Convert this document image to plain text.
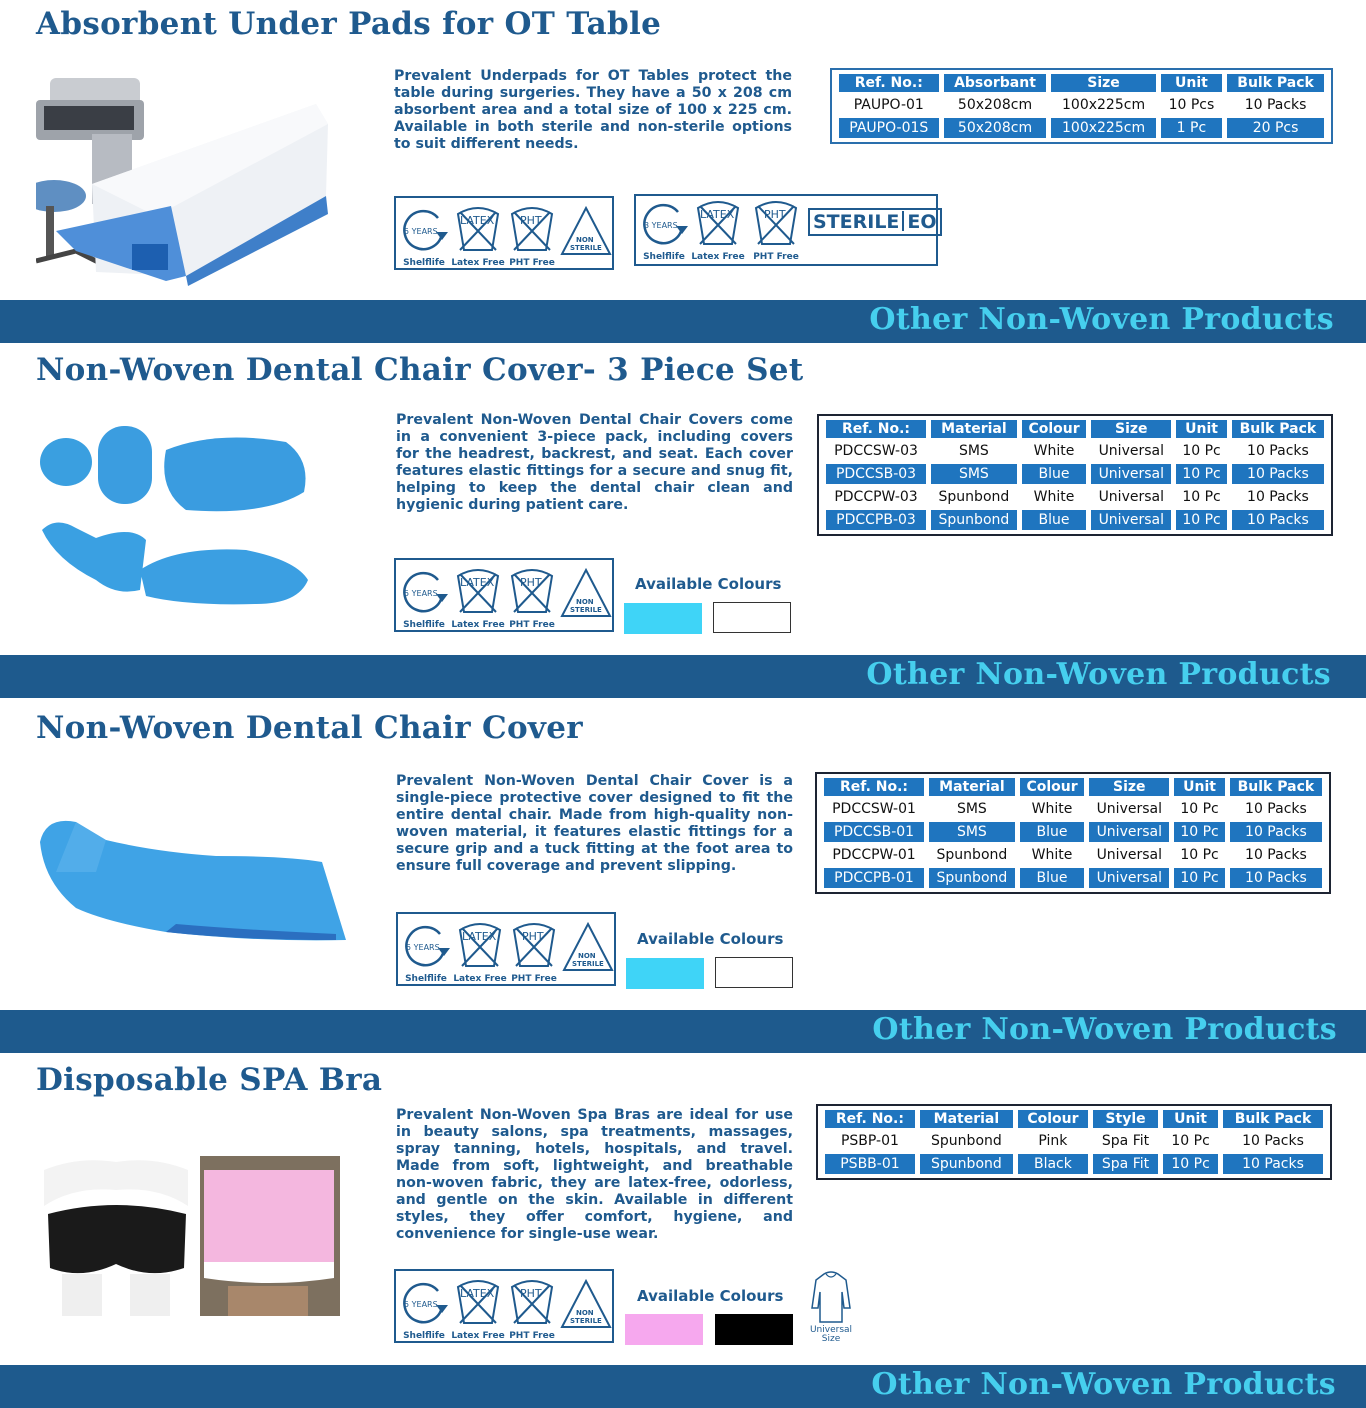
Absorbent Under Pads for OT Table
Prevalent Underpads for OT Tables protect the table during surgeries. They have a 50 x 208 cm absorbent area and a total size of 100 x 225 cm. Available in both sterile and non-sterile options to suit different needs.
Ref. No.:	Absorbant	Size	Unit	Bulk Pack
PAUPO-01	50x208cm	100x225cm	10 Pcs	10 Packs
PAUPO-01S	50x208cm	100x225cm	1 Pc	20 Pcs
5 YEARS
Shelflife
LATEX
Latex Free
PHT
PHT Free
NON
STERILE
3 YEARS
Shelflife
LATEX
Latex Free
PHT
PHT Free
STERILE EO
Other Non-Woven Products
Non-Woven Dental Chair Cover- 3 Piece Set
Prevalent Non-Woven Dental Chair Covers come in a convenient 3-piece pack, including covers for the headrest, backrest, and seat. Each cover features elastic fittings for a secure and snug fit, helping to keep the dental chair clean and hygienic during patient care.
Ref. No.:	Material	Colour	Size	Unit	Bulk Pack
PDCCSW-03	SMS	White	Universal	10 Pc	10 Packs
PDCCSB-03	SMS	Blue	Universal	10 Pc	10 Packs
PDCCPW-03	Spunbond	White	Universal	10 Pc	10 Packs
PDCCPB-03	Spunbond	Blue	Universal	10 Pc	10 Packs
5 YEARS
Shelflife
LATEX
Latex Free
PHT
PHT Free
NON
STERILE
Available Colours
Other Non-Woven Products
Non-Woven Dental Chair Cover
Prevalent Non-Woven Dental Chair Cover is a single-piece protective cover designed to fit the entire dental chair. Made from high-quality non-woven material, it features elastic fittings for a secure grip and a tuck fitting at the foot area to ensure full coverage and prevent slipping.
Ref. No.:	Material	Colour	Size	Unit	Bulk Pack
PDCCSW-01	SMS	White	Universal	10 Pc	10 Packs
PDCCSB-01	SMS	Blue	Universal	10 Pc	10 Packs
PDCCPW-01	Spunbond	White	Universal	10 Pc	10 Packs
PDCCPB-01	Spunbond	Blue	Universal	10 Pc	10 Packs
5 YEARS
Shelflife
LATEX
Latex Free
PHT
PHT Free
NON
STERILE
Available Colours
Other Non-Woven Products
Disposable SPA Bra
Prevalent Non-Woven Spa Bras are ideal for use in beauty salons, spa treatments, massages, spray tanning, hotels, hospitals, and travel. Made from soft, lightweight, and breathable non-woven fabric, they are latex-free, odorless, and gentle on the skin. Available in different styles, they offer comfort, hygiene, and convenience for single-use wear.
Ref. No.:	Material	Colour	Style	Unit	Bulk Pack
PSBP-01	Spunbond	Pink	Spa Fit	10 Pc	10 Packs
PSBB-01	Spunbond	Black	Spa Fit	10 Pc	10 Packs
5 YEARS
Shelflife
LATEX
Latex Free
PHT
PHT Free
NON
STERILE
Available Colours
Universal
Size
Other Non-Woven Products
